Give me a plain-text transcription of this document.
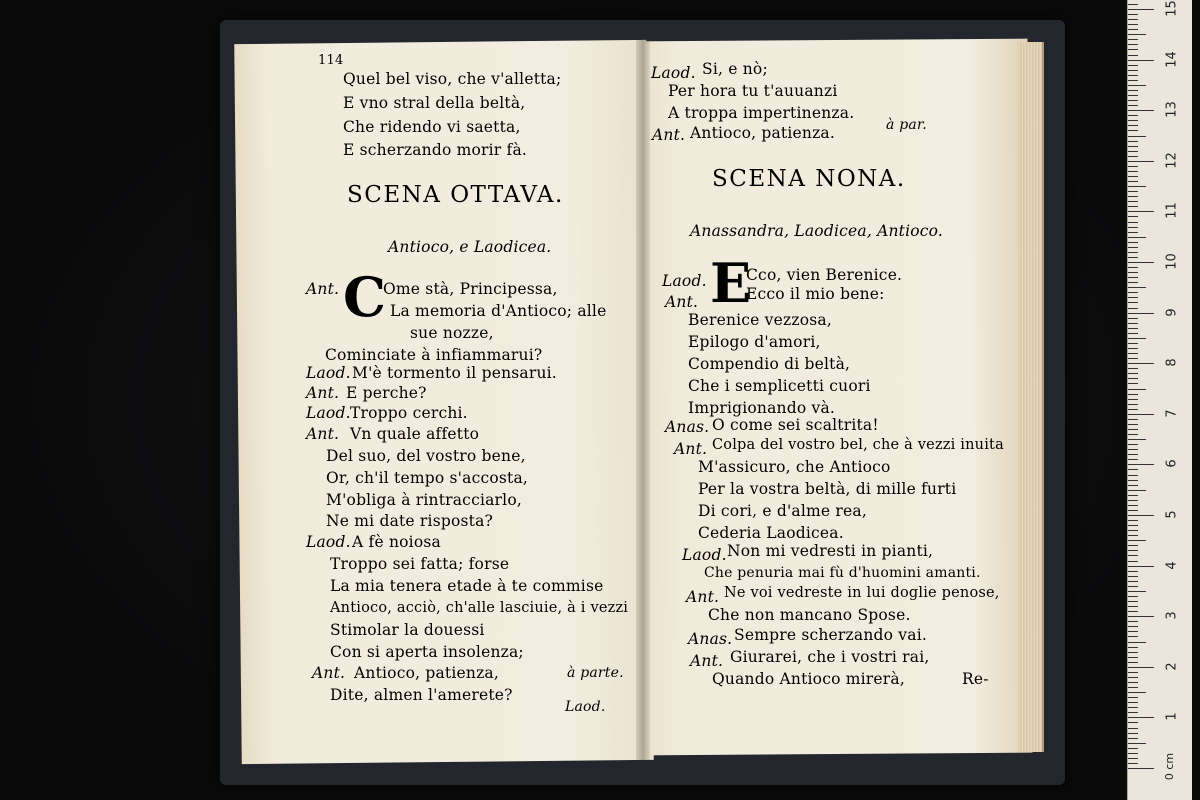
114
Quel bel viso, che v'alletta;
E vno stral della beltà,
Che ridendo vi saetta,
E scherzando morir fà.
SCENA OTTAVA.
Antioco, e Laodicea.
C
Ant.	Ome stà, Principessa,
La memoria d'Antioco; alle
sue nozze,
Cominciate à infiammarui?
Laod. M'è tormento il pensarui.
Ant. E perche?
Laod. Troppo cerchi.
Ant. Vn quale affetto
Del suo, del vostro bene,
Or, ch'il tempo s'accosta,
M'obliga à rintracciarlo,
Ne mi date risposta?
Laod. A fè noiosa
Troppo sei fatta; forse
La mia tenera etade à te commise
Antioco, acciò, ch'alle lasciuie, à i vezzi
Stimolar la douessi
Con si aperta insolenza;
Ant. Antioco, patienza,	à parte.
Dite, almen l'amerete?
Laod.
Laod. Si, e nò;
Per hora tu t'auuanzi
A troppa impertinenza.
Ant. Antioco, patienza.	à par.
SCENA NONA.
Anassandra, Laodicea, Antioco.
E
Laod.	Cco, vien Berenice.
Ant.	Ecco il mio bene:
Berenice vezzosa,
Epilogo d'amori,
Compendio di beltà,
Che i semplicetti cuori
Imprigionando và.
Anas. O come sei scaltrita!
Ant. Colpa del vostro bel, che à vezzi inuita
M'assicuro, che Antioco
Per la vostra beltà, di mille furti
Di cori, e d'alme rea,
Cederia Laodicea.
Laod. Non mi vedresti in pianti,
Che penuria mai fù d'huomini amanti.
Ant. Ne voi vedreste in lui doglie penose,
Che non mancano Spose.
Anas. Sempre scherzando vai.
Ant. Giurarei, che i vostri rai,
Quando Antioco mirerà,	Re-
0 cm
1
2
3
4
5
6
7
8
9
10
11
12
13
14
15
